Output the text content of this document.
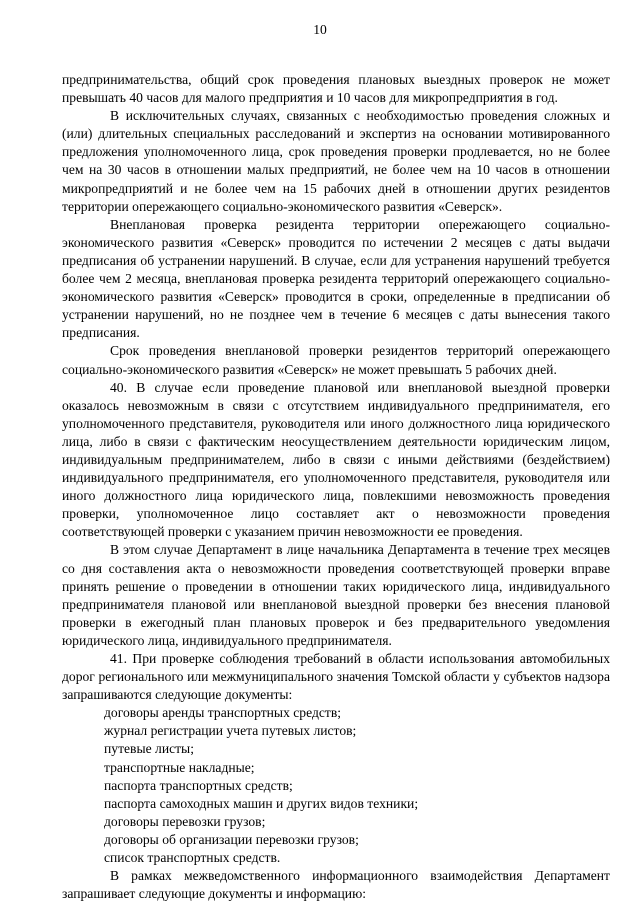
10

предпринимательства, общий срок проведения плановых выездных проверок не может превышать 40 часов для малого предприятия и 10 часов для микропредприятия в год.

В исключительных случаях, связанных с необходимостью проведения сложных и (или) длительных специальных расследований и экспертиз на основании мотивированного предложения уполномоченного лица, срок проведения проверки продлевается, но не более чем на 30 часов в отношении малых предприятий, не более чем на 10 часов в отношении микропредприятий и не более чем на 15 рабочих дней в отношении других резидентов территории опережающего социально-экономического развития «Северск».

Внеплановая проверка резидента территории опережающего социально-экономического развития «Северск» проводится по истечении 2 месяцев с даты выдачи предписания об устранении нарушений. В случае, если для устранения нарушений требуется более чем 2 месяца, внеплановая проверка резидента территорий опережающего социально-экономического развития «Северск» проводится в сроки, определенные в предписании об устранении нарушений, но не позднее чем в течение 6 месяцев с даты вынесения такого предписания.

Срок проведения внеплановой проверки резидентов территорий опережающего социально-экономического развития «Северск» не может превышать 5 рабочих дней.

40. В случае если проведение плановой или внеплановой выездной проверки оказалось невозможным в связи с отсутствием индивидуального предпринимателя, его уполномоченного представителя, руководителя или иного должностного лица юридического лица, либо в связи с фактическим неосуществлением деятельности юридическим лицом, индивидуальным предпринимателем, либо в связи с иными действиями (бездействием) индивидуального предпринимателя, его уполномоченного представителя, руководителя или иного должностного лица юридического лица, повлекшими невозможность проведения проверки, уполномоченное лицо составляет акт о невозможности проведения соответствующей проверки с указанием причин невозможности ее проведения.

В этом случае Департамент в лице начальника Департамента в течение трех месяцев со дня составления акта о невозможности проведения соответствующей проверки вправе принять решение о проведении в отношении таких юридического лица, индивидуального предпринимателя плановой или внеплановой выездной проверки без внесения плановой проверки в ежегодный план плановых проверок и без предварительного уведомления юридического лица, индивидуального предпринимателя.

41. При проверке соблюдения требований в области использования автомобильных дорог регионального или межмуниципального значения Томской области у субъектов надзора запрашиваются следующие документы:

договоры аренды транспортных средств;
журнал регистрации учета путевых листов;
путевые листы;
транспортные накладные;
паспорта транспортных средств;
паспорта самоходных машин и других видов техники;
договоры перевозки грузов;
договоры об организации перевозки грузов;
список транспортных средств.

В рамках межведомственного информационного взаимодействия Департамент запрашивает следующие документы и информацию:
